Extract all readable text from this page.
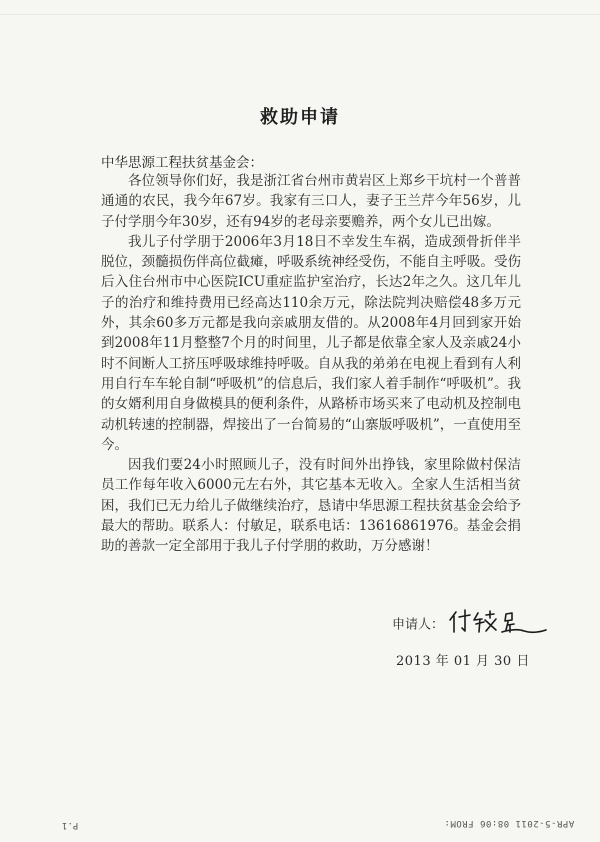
救助申请
中华思源工程扶贫基金会：

各位领导你们好，我是浙江省台州市黄岩区上郑乡干坑村一个普普通通的农民，我今年67岁。我家有三口人，妻子王兰芹今年56岁，儿子付学朋今年30岁，还有94岁的老母亲要赡养，两个女儿已出嫁。

我儿子付学朋于2006年3月18日不幸发生车祸，造成颈骨折伴半脱位，颈髓损伤伴高位截瘫，呼吸系统神经受伤，不能自主呼吸。受伤后入住台州市中心医院ICU重症监护室治疗，长达2年之久。这几年儿子的治疗和维持费用已经高达110余万元，除法院判决赔偿48多万元外，其余60多万元都是我向亲戚朋友借的。从2008年4月回到家开始到2008年11月整整7个月的时间里，儿子都是依靠全家人及亲戚24小时不间断人工挤压呼吸球维持呼吸。自从我的弟弟在电视上看到有人利用自行车车轮自制“呼吸机”的信息后，我们家人着手制作“呼吸机”。我的女婿利用自身做模具的便利条件，从路桥市场买来了电动机及控制电动机转速的控制器，焊接出了一台简易的“山寨版呼吸机”，一直使用至今。

因我们要24小时照顾儿子，没有时间外出挣钱，家里除做村保洁员工作每年收入6000元左右外，其它基本无收入。全家人生活相当贫困，我们已无力给儿子做继续治疗，恳请中华思源工程扶贫基金会给予最大的帮助。联系人：付敏足，联系电话：13616861976。基金会捐助的善款一定全部用于我儿子付学朋的救助，万分感谢！

申请人：
2013 年 01 月 30 日
P.1	APR-5-2011 08:06 FROM:
